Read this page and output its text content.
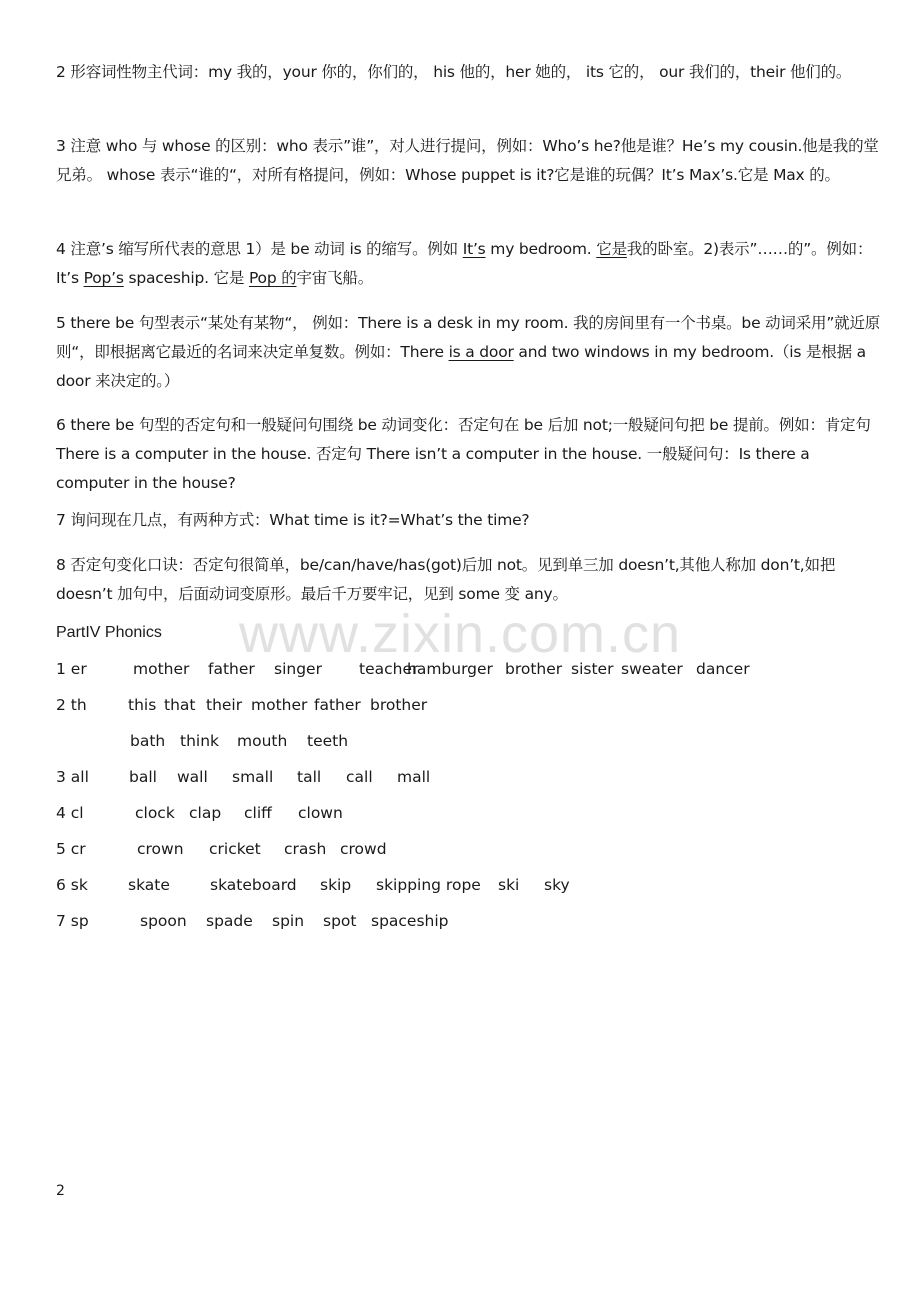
2 形容词性物主代词：my 我的，your 你的，你们的， his 他的，her 她的， its 它的， our 我们的，their 他们的。

3 注意 who 与 whose 的区别：who 表示”谁”，对人进行提问，例如：Who’s he?他是谁？He’s my cousin.他是我的堂兄弟。 whose 表示“谁的“，对所有格提问，例如：Whose puppet is it?它是谁的玩偶？It’s Max’s.它是 Max 的。

4 注意’s 缩写所代表的意思 1）是 be 动词 is 的缩写。例如 It’s my bedroom. 它是我的卧室。2)表示”……的”。例如：It’s Pop’s spaceship. 它是 Pop 的宇宙飞船。

5 there be 句型表示“某处有某物“， 例如：There is a desk in my room. 我的房间里有一个书桌。be 动词采用”就近原则“，即根据离它最近的名词来决定单复数。例如：There is a door and two windows in my bedroom.（is 是根据 a door 来决定的。）

6 there be 句型的否定句和一般疑问句围绕 be 动词变化：否定句在 be 后加 not;一般疑问句把 be 提前。例如：肯定句 There is a computer in the house. 否定句 There isn’t a computer in the house. 一般疑问句：Is there a computer in the house?

7 询问现在几点，有两种方式：What time is it?=What’s the time?

8 否定句变化口诀：否定句很简单，be/can/have/has(got)后加 not。见到单三加 doesn’t,其他人称加 don’t,如把 doesn’t 加句中，后面动词变原形。最后千万要牢记，见到 some 变 any。

www.zixin.com.cn
PartIV Phonics
1 er	mother father singer teacher
hamburger brother sister sweater dancer
2 th	this that their mother father brother
bath think mouth teeth
3 all	ball wall small tall call mall
4 cl	clock clap cliff clown
5 cr	crown cricket crash crowd
6 sk	skate	skateboard skip skipping rope ski sky
7 sp	spoon spade spin spot spaceship
2
